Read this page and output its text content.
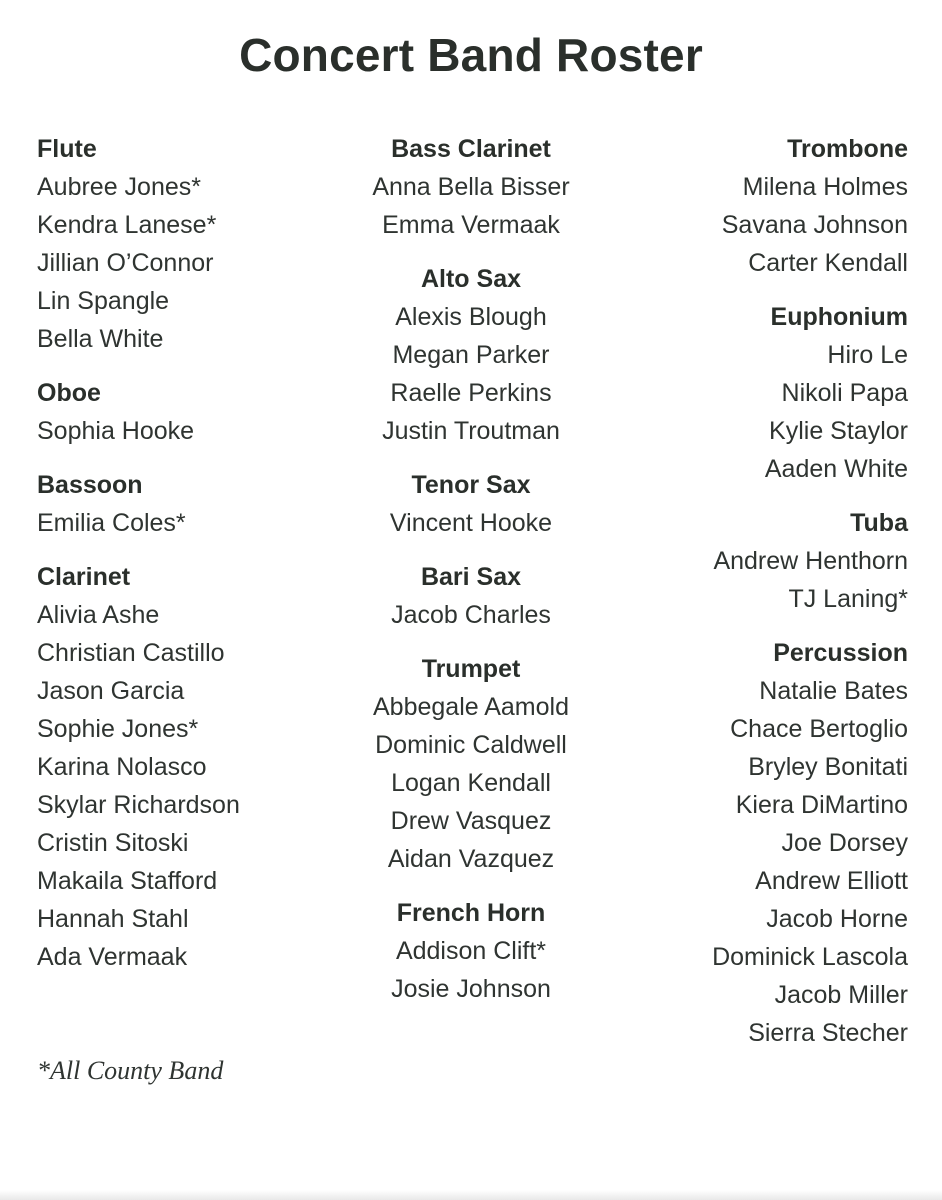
Concert Band Roster
Flute
Aubree Jones*
Kendra Lanese*
Jillian O’Connor
Lin Spangle
Bella White
Oboe
Sophia Hooke
Bassoon
Emilia Coles*
Clarinet
Alivia Ashe
Christian Castillo
Jason Garcia
Sophie Jones*
Karina Nolasco
Skylar Richardson
Cristin Sitoski
Makaila Stafford
Hannah Stahl
Ada Vermaak
Bass Clarinet
Anna Bella Bisser
Emma Vermaak
Alto Sax
Alexis Blough
Megan Parker
Raelle Perkins
Justin Troutman
Tenor Sax
Vincent Hooke
Bari Sax
Jacob Charles
Trumpet
Abbegale Aamold
Dominic Caldwell
Logan Kendall
Drew Vasquez
Aidan Vazquez
French Horn
Addison Clift*
Josie Johnson
Trombone
Milena Holmes
Savana Johnson
Carter Kendall
Euphonium
Hiro Le
Nikoli Papa
Kylie Staylor
Aaden White
Tuba
Andrew Henthorn
TJ Laning*
Percussion
Natalie Bates
Chace Bertoglio
Bryley Bonitati
Kiera DiMartino
Joe Dorsey
Andrew Elliott
Jacob Horne
Dominick Lascola
Jacob Miller
Sierra Stecher
*All County Band
